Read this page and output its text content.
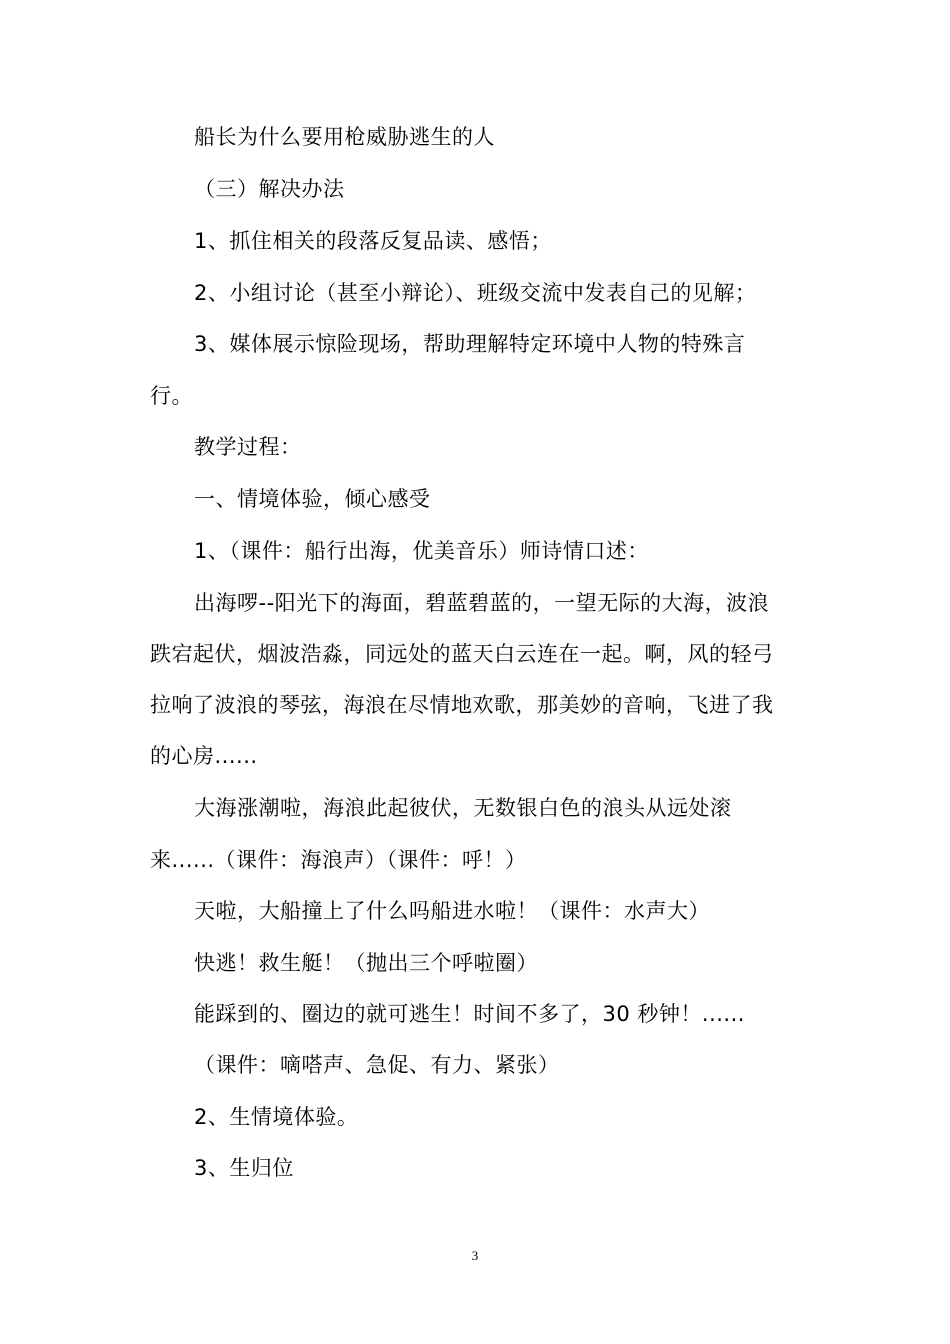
船长为什么要用枪威胁逃生的人
（三）解决办法
1、抓住相关的段落反复品读、感悟；
2、小组讨论（甚至小辩论）、班级交流中发表自己的见解；
3、媒体展示惊险现场，帮助理解特定环境中人物的特殊言
行。
教学过程：
一、情境体验，倾心感受
1、（课件：船行出海，优美音乐）师诗情口述：
出海啰--阳光下的海面，碧蓝碧蓝的，一望无际的大海，波浪
跌宕起伏，烟波浩淼，同远处的蓝天白云连在一起。啊，风的轻弓
拉响了波浪的琴弦，海浪在尽情地欢歌，那美妙的音响，飞进了我
的心房......
大海涨潮啦，海浪此起彼伏，无数银白色的浪头从远处滚
来......（课件：海浪声）（课件：呼！）
天啦，大船撞上了什么吗船进水啦！（课件：水声大）
快逃！救生艇！（抛出三个呼啦圈）
能踩到的、圈边的就可逃生！时间不多了，30 秒钟！......
（课件：嘀嗒声、急促、有力、紧张）
2、生情境体验。
3、生归位
3
